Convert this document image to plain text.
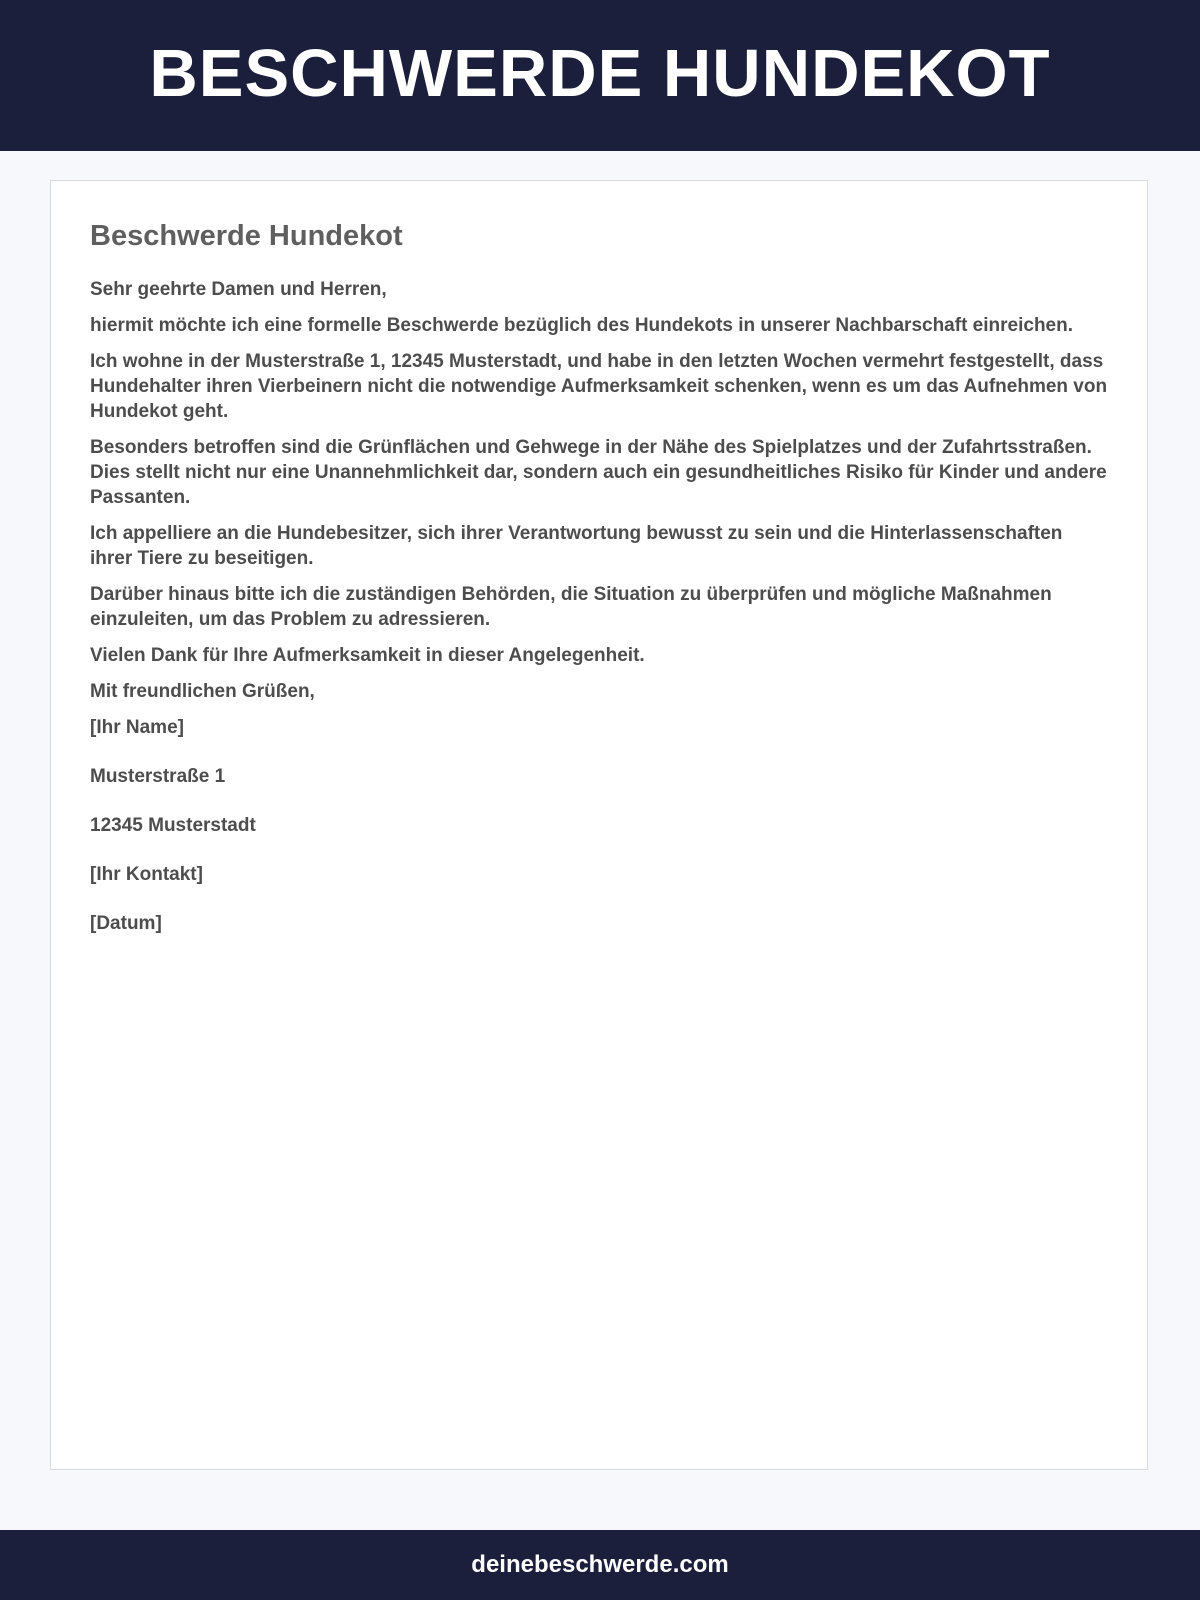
BESCHWERDE HUNDEKOT
Beschwerde Hundekot

Sehr geehrte Damen und Herren,

hiermit möchte ich eine formelle Beschwerde bezüglich des Hundekots in unserer Nachbarschaft einreichen.

Ich wohne in der Musterstraße 1, 12345 Musterstadt, und habe in den letzten Wochen vermehrt festgestellt, dass Hundehalter ihren Vierbeinern nicht die notwendige Aufmerksamkeit schenken, wenn es um das Aufnehmen von Hundekot geht.

Besonders betroffen sind die Grünflächen und Gehwege in der Nähe des Spielplatzes und der Zufahrtsstraßen. Dies stellt nicht nur eine Unannehmlichkeit dar, sondern auch ein gesundheitliches Risiko für Kinder und andere Passanten.

Ich appelliere an die Hundebesitzer, sich ihrer Verantwortung bewusst zu sein und die Hinterlassenschaften ihrer Tiere zu beseitigen.

Darüber hinaus bitte ich die zuständigen Behörden, die Situation zu überprüfen und mögliche Maßnahmen einzuleiten, um das Problem zu adressieren.

Vielen Dank für Ihre Aufmerksamkeit in dieser Angelegenheit.

Mit freundlichen Grüßen,

[Ihr Name]

Musterstraße 1

12345 Musterstadt

[Ihr Kontakt]

[Datum]

deinebeschwerde.com
